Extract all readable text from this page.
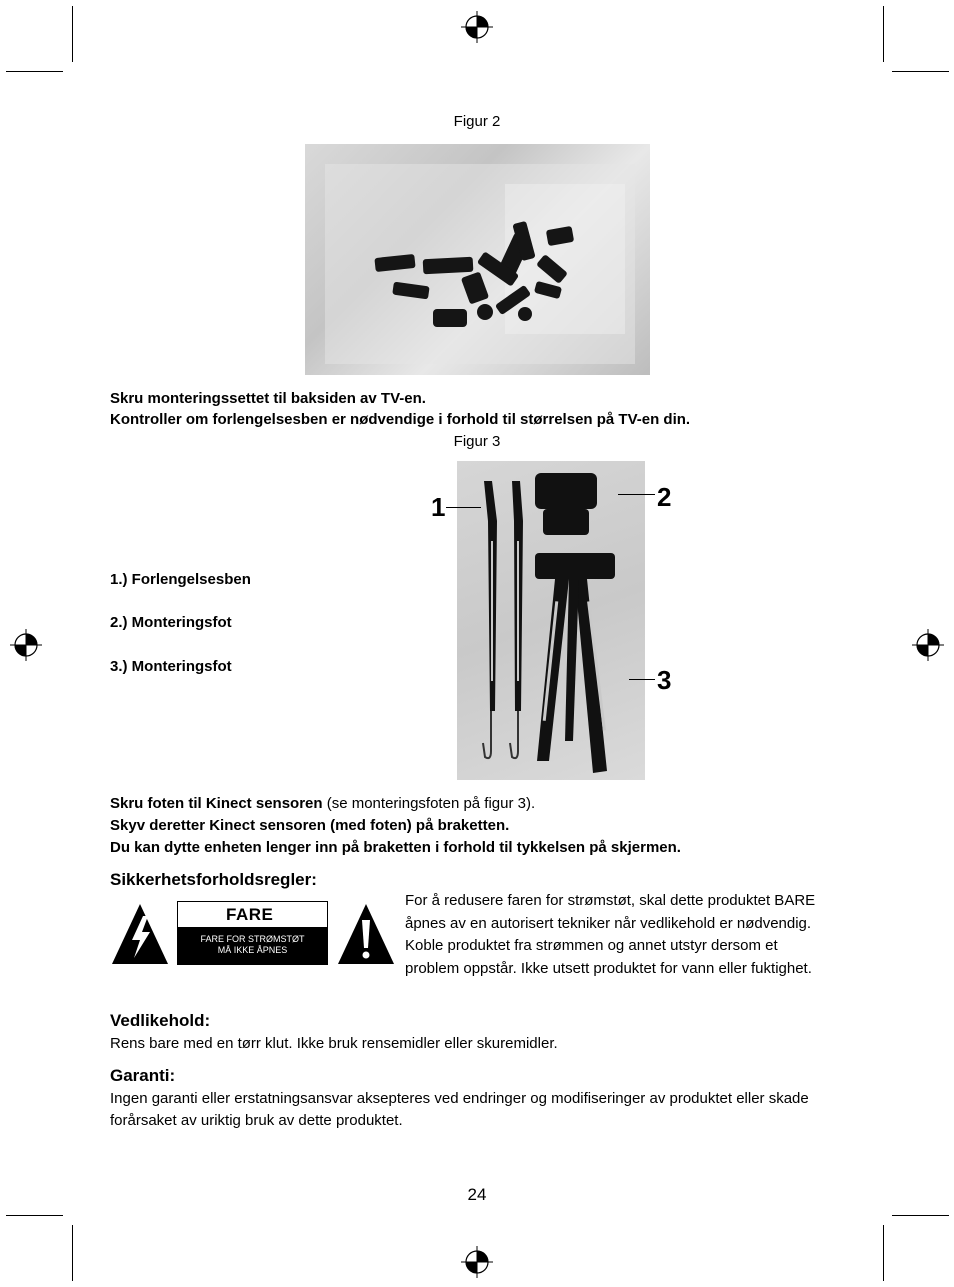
Figur 2
Skru monteringssettet til baksiden av TV-en.
Kontroller om forlengelsesben er nødvendige i forhold til størrelsen på TV-en din.
Figur 3
1	2
3
1.) Forlengelsesben
2.) Monteringsfot
3.) Monteringsfot
Skru foten til Kinect sensoren (se monteringsfoten på figur 3).
Skyv deretter Kinect sensoren (med foten) på braketten.
Du kan dytte enheten lenger inn på braketten i forhold til tykkelsen på skjermen.
Sikkerhetsforholdsregler:
FARE
FARE FOR STRØMSTØT
MÅ IKKE ÅPNES
For å redusere faren for strømstøt, skal dette produktet BARE åpnes av en autorisert tekniker når vedlikehold er nødvendig. Koble produktet fra strømmen og annet utstyr dersom et problem oppstår. Ikke utsett produktet for vann eller fuktighet.
Vedlikehold:
Rens bare med en tørr klut. Ikke bruk rensemidler eller skuremidler.
Garanti:
Ingen garanti eller erstatningsansvar aksepteres ved endringer og modifiseringer av produktet eller skade forårsaket av uriktig bruk av dette produktet.
24
